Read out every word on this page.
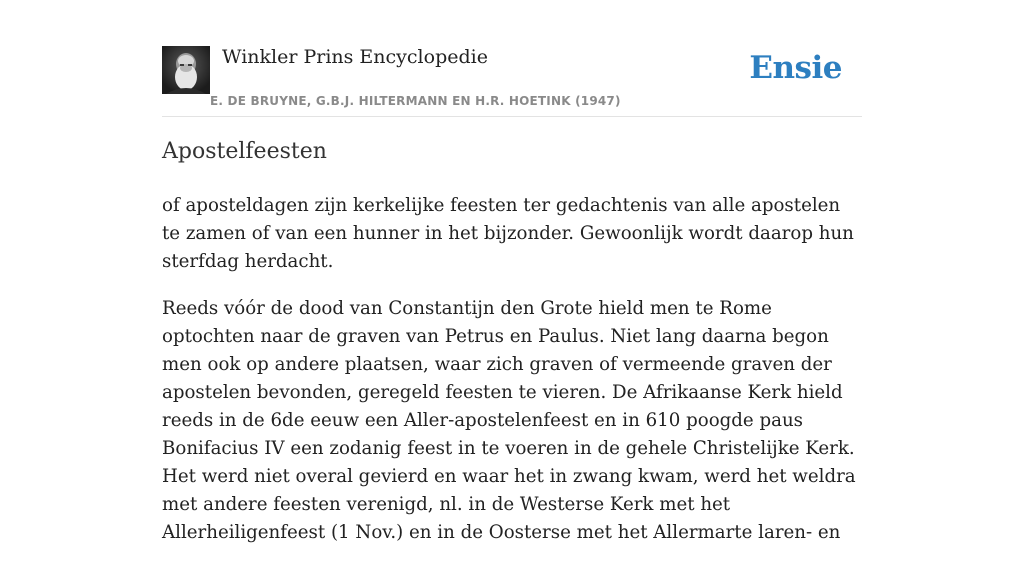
Winkler Prins Encyclopedie
E. DE BRUYNE, G.B.J. HILTERMANN EN H.R. HOETINK (1947)
Ensie
Apostelfeesten

of aposteldagen zijn kerkelijke feesten ter gedachtenis van alle apostelen te zamen of van een hunner in het bijzonder. Gewoonlijk wordt daarop hun sterfdag herdacht.

Reeds vóór de dood van Constantijn den Grote hield men te Rome optochten naar de graven van Petrus en Paulus. Niet lang daarna begon men ook op andere plaatsen, waar zich graven of vermeende graven der apostelen bevonden, geregeld feesten te vieren. De Afrikaanse Kerk hield reeds in de 6de eeuw een Aller-apostelenfeest en in 610 poogde paus Bonifacius IV een zodanig feest in te voeren in de gehele Christelijke Kerk. Het werd niet overal gevierd en waar het in zwang kwam, werd het weldra met andere feesten verenigd, nl. in de Westerse Kerk met het Allerheiligenfeest (1 Nov.) en in de Oosterse met het Allermarte laren- en
